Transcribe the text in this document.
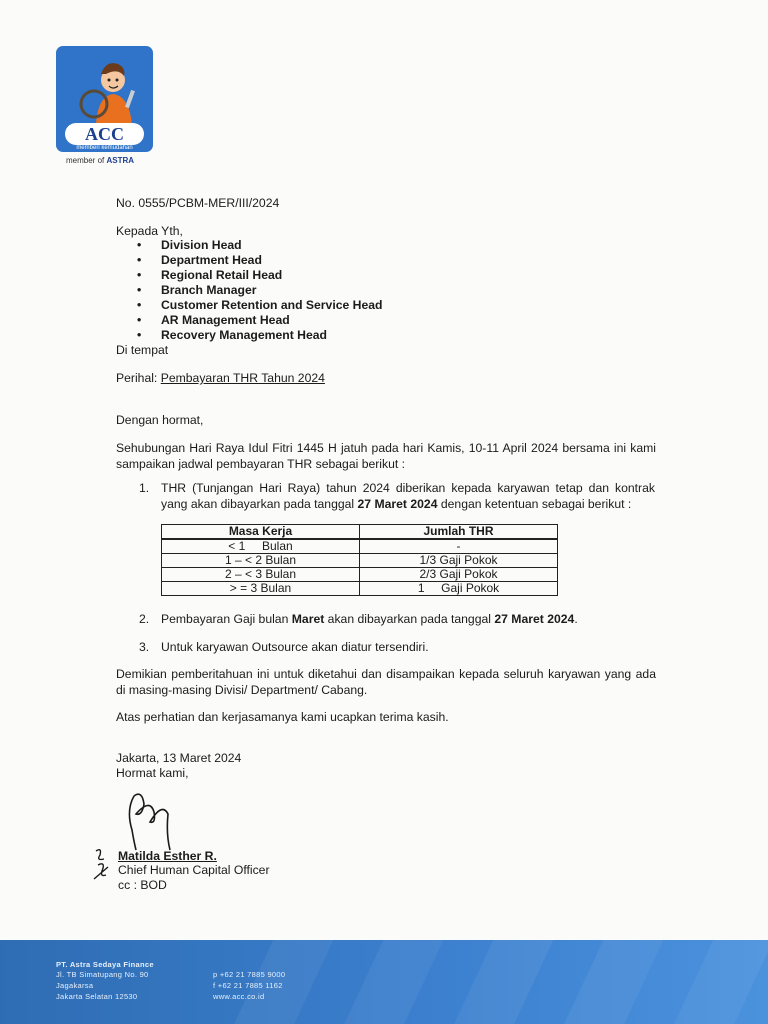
ACC
memberi kemudahan
member of ASTRA
No. 0555/PCBM-MER/III/2024
Kepada Yth,
• Division Head
• Department Head
• Regional Retail Head
• Branch Manager
• Customer Retention and Service Head
• AR Management Head
• Recovery Management Head
Di tempat
Perihal: Pembayaran THR Tahun 2024
Dengan hormat,
Sehubungan Hari Raya Idul Fitri 1445 H jatuh pada hari Kamis, 10-11 April 2024 bersama ini kami sampaikan jadwal pembayaran THR sebagai berikut :
1. THR (Tunjangan Hari Raya) tahun 2024 diberikan kepada karyawan tetap dan kontrak yang akan dibayarkan pada tanggal 27 Maret 2024 dengan ketentuan sebagai berikut :
Masa Kerja	Jumlah THR
< 1     Bulan	-
1 – < 2 Bulan	1/3 Gaji Pokok
2 – < 3 Bulan	2/3 Gaji Pokok
> = 3 Bulan	1     Gaji Pokok
2. Pembayaran Gaji bulan Maret akan dibayarkan pada tanggal 27 Maret 2024.
3. Untuk karyawan Outsource akan diatur tersendiri.
Demikian pemberitahuan ini untuk diketahui dan disampaikan kepada seluruh karyawan yang ada di masing-masing Divisi/ Department/ Cabang.
Atas perhatian dan kerjasamanya kami ucapkan terima kasih.
Jakarta, 13 Maret 2024
Hormat kami,
Matilda Esther R.
Chief Human Capital Officer
cc : BOD
PT. Astra Sedaya Finance
Jl. TB Simatupang No. 90
Jagakarsa
Jakarta Selatan 12530
p +62 21 7885 9000
f +62 21 7885 1162
www.acc.co.id
